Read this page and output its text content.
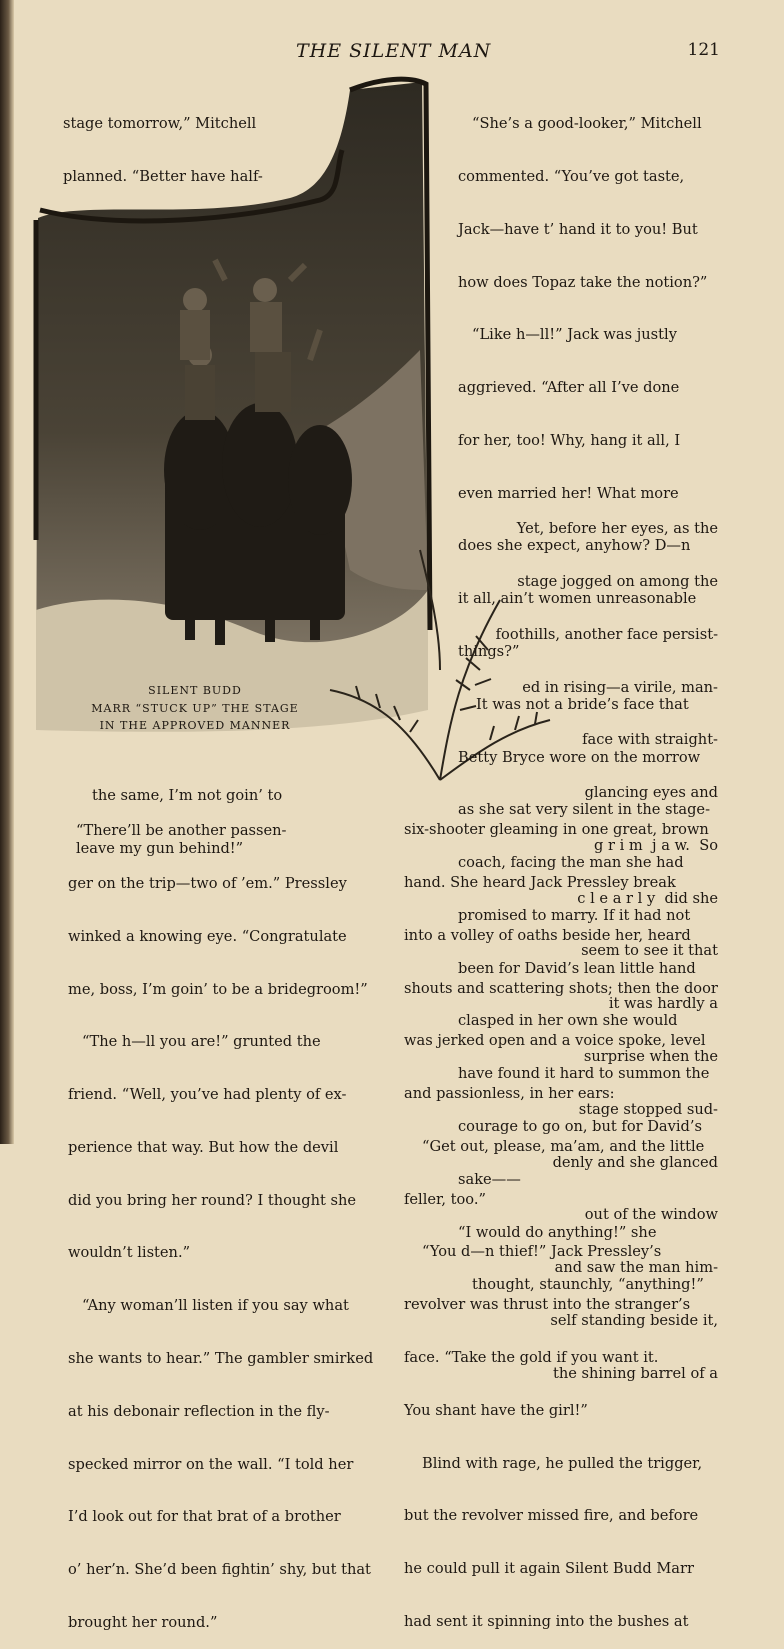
THE SILENT MAN	121

stage tomorrow,” Mitchell

planned. “Better have half-

SILENT BUDD
MARR “STUCK UP” THE STAGE
IN THE APPROVED MANNER

the same, I’m not goin’ to

leave my gun behind!”

“There’ll be another passen-

ger on the trip—two of ’em.” Pressley

winked a knowing eye. “Congratulate

me, boss, I’m goin’ to be a bridegroom!”

“The h—ll you are!” grunted the

friend. “Well, you’ve had plenty of ex-

perience that way. But how the devil

did you bring her round? I thought she

wouldn’t listen.”

“Any woman’ll listen if you say what

she wants to hear.” The gambler smirked

at his debonair reflection in the fly-

specked mirror on the wall. “I told her

I’d look out for that brat of a brother

o’ her’n. She’d been fightin’ shy, but that

brought her round.”

“She’s a good-looker,” Mitchell

commented. “You’ve got taste,

Jack—have t’ hand it to you! But

how does Topaz take the notion?”

“Like h—ll!” Jack was justly

aggrieved. “After all I’ve done

for her, too! Why, hang it all, I

even married her! What more

does she expect, anyhow? D—n

it all, ain’t women unreasonable

things?”

It was not a bride’s face that

Betty Bryce wore on the morrow

as she sat very silent in the stage-

coach, facing the man she had

promised to marry. If it had not

been for David’s lean little hand

clasped in her own she would

have found it hard to summon the

courage to go on, but for David’s

sake——

“I would do anything!” she

thought, staunchly, “anything!”

Yet, before her eyes, as the

stage jogged on among the

foothills, another face persist-

ed in rising—a virile, man-

face with straight-

glancing eyes and

g r i m  j a w.  So

c l e a r l y  did she

seem to see it that

it was hardly a

surprise when the

stage stopped sud-

denly and she glanced

out of the window

and saw the man him-

self standing beside it,

the shining barrel of a

six-shooter gleaming in one great, brown

hand. She heard Jack Pressley break

into a volley of oaths beside her, heard

shouts and scattering shots; then the door

was jerked open and a voice spoke, level

and passionless, in her ears:

“Get out, please, ma’am, and the little

feller, too.”

“You d—n thief!” Jack Pressley’s

revolver was thrust into the stranger’s

face. “Take the gold if you want it.

You shant have the girl!”

Blind with rage, he pulled the trigger,

but the revolver missed fire, and before

he could pull it again Silent Budd Marr

had sent it spinning into the bushes at
